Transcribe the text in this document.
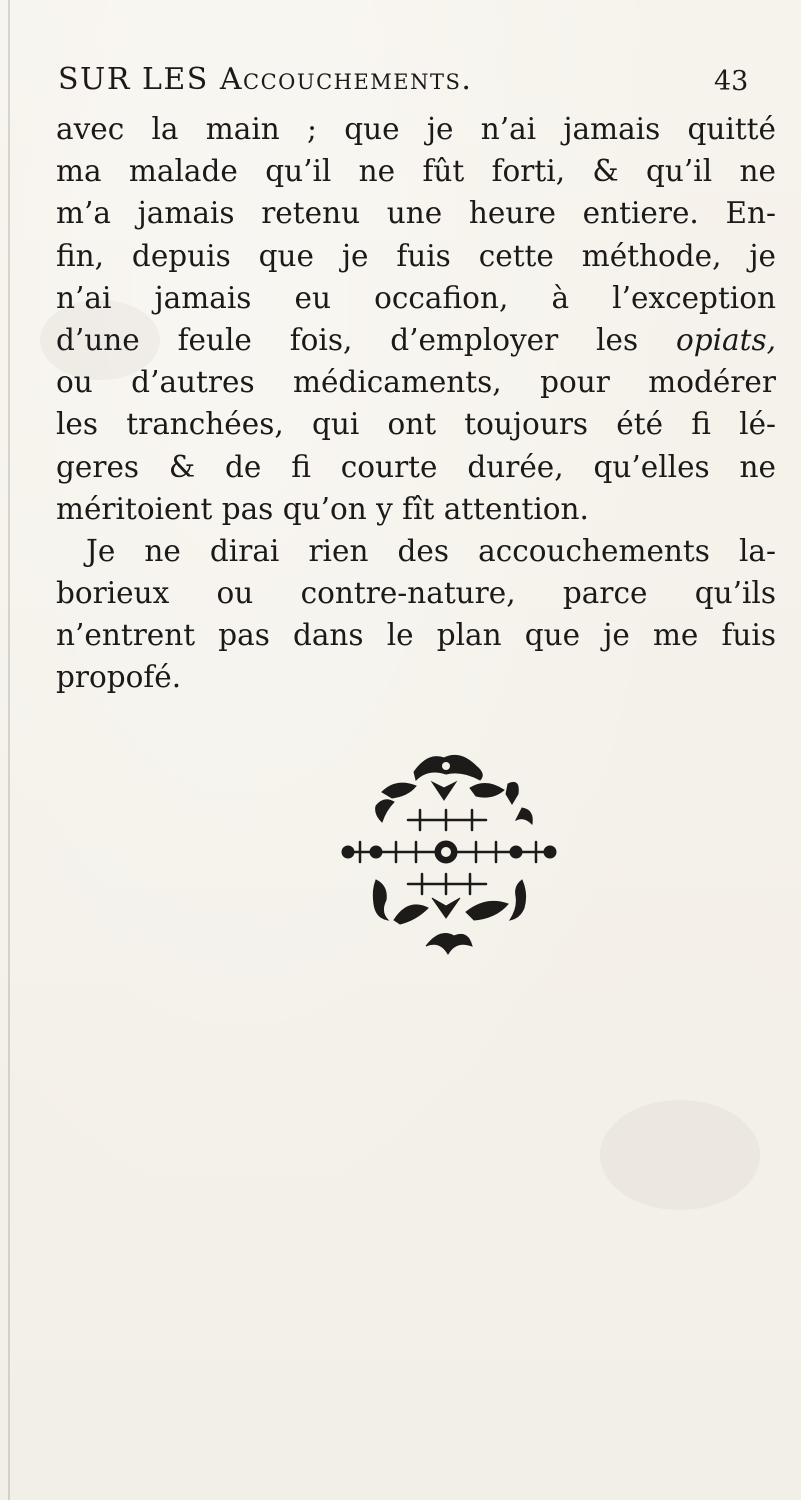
SUR LES Accouchements.	43
avec la main ; que je n’ai jamais quitté
ma malade qu’il ne fût forti, & qu’il ne
m’a jamais retenu une heure entiere. En-
fin, depuis que je fuis cette méthode, je
n’ai jamais eu occafion, à l’exception
d’une feule fois, d’employer les opiats,
ou d’autres médicaments, pour modérer
les tranchées, qui ont toujours été fi lé-
geres & de fi courte durée, qu’elles ne
méritoient pas qu’on y fît attention.
Je ne dirai rien des accouchements la-
borieux ou contre-nature, parce qu’ils
n’entrent pas dans le plan que je me fuis
propofé.
